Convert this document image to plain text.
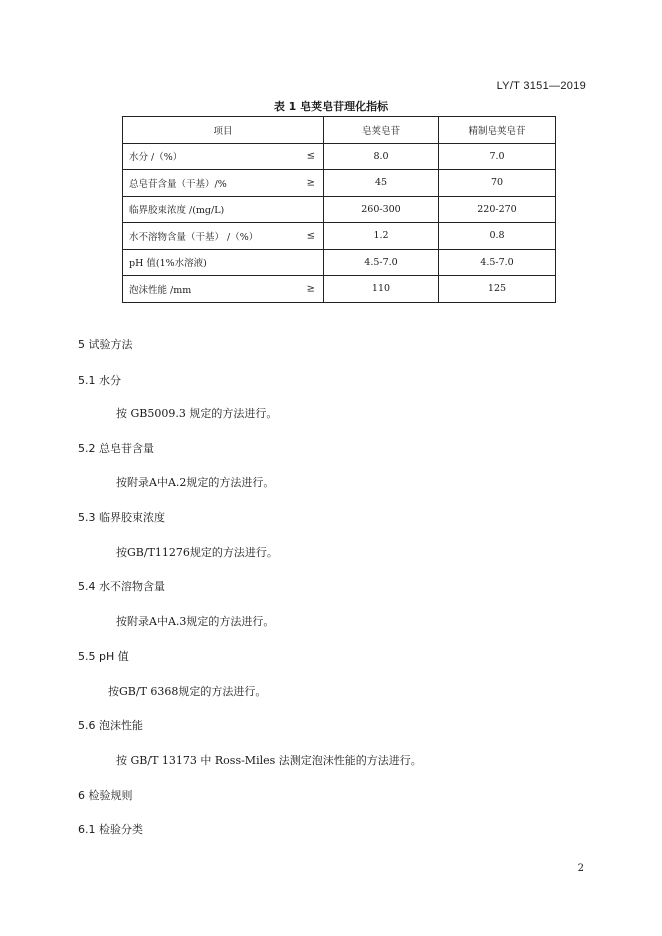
LY/T 3151—2019
表 1 皂荚皂苷理化指标
项目	皂荚皂苷	精制皂荚皂苷
水分 /（%） ≤	8.0	7.0
总皂苷含量（干基）/% ≥	45	70
临界胶束浓度 /(mg/L)	260-300	220-270
水不溶物含量（干基） /（%） ≤	1.2	0.8
pH 值(1%水溶液)	4.5-7.0	4.5-7.0
泡沫性能 /mm ≥	110	125
5 试验方法
5.1 水分
按 GB5009.3 规定的方法进行。
5.2 总皂苷含量
按附录A中A.2规定的方法进行。
5.3 临界胶束浓度
按GB/T11276规定的方法进行。
5.4 水不溶物含量
按附录A中A.3规定的方法进行。
5.5 pH 值
按GB/T 6368规定的方法进行。
5.6 泡沫性能
按 GB/T 13173 中 Ross-Miles 法测定泡沫性能的方法进行。
6 检验规则
6.1 检验分类
2
